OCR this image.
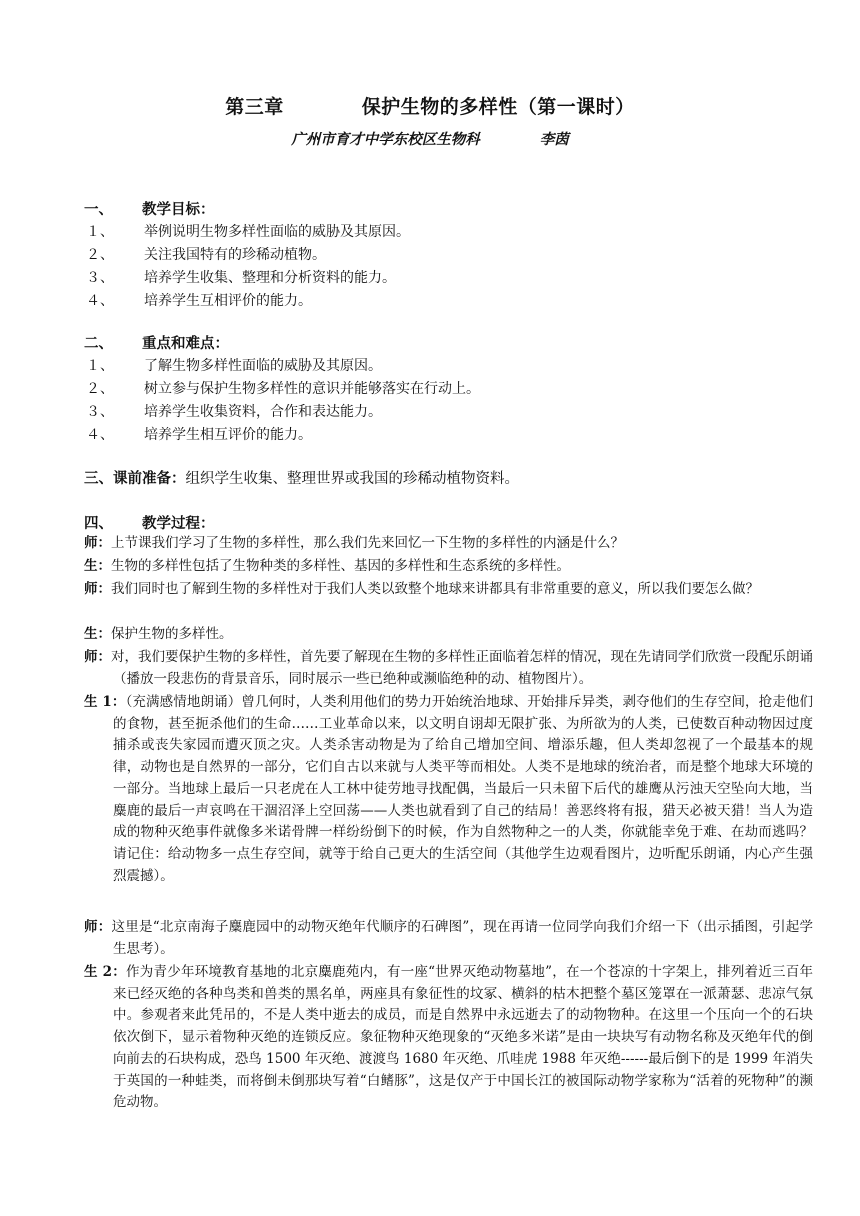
第三章	保护生物的多样性（第一课时）
广州市育才中学东校区生物科	李茵
一、 教学目标：
１、 举例说明生物多样性面临的威胁及其原因。
２、 关注我国特有的珍稀动植物。
３、 培养学生收集、整理和分析资料的能力。
４、 培养学生互相评价的能力。
二、 重点和难点：
１、 了解生物多样性面临的威胁及其原因。
２、 树立参与保护生物多样性的意识并能够落实在行动上。
３、 培养学生收集资料，合作和表达能力。
４、 培养学生相互评价的能力。
三、课前准备：组织学生收集、整理世界或我国的珍稀动植物资料。
四、 教学过程：
师：上节课我们学习了生物的多样性，那么我们先来回忆一下生物的多样性的内涵是什么？
生：生物的多样性包括了生物种类的多样性、基因的多样性和生态系统的多样性。
师：我们同时也了解到生物的多样性对于我们人类以致整个地球来讲都具有非常重要的意义，所以我们要怎么做？
生：保护生物的多样性。
师：对，我们要保护生物的多样性，首先要了解现在生物的多样性正面临着怎样的情况，现在先请同学们欣赏一段配乐朗诵（播放一段悲伤的背景音乐，同时展示一些已绝种或濒临绝种的动、植物图片）。
生 1：（充满感情地朗诵）曾几何时，人类利用他们的势力开始统治地球、开始排斥异类，剥夺他们的生存空间，抢走他们的食物，甚至扼杀他们的生命……工业革命以来，以文明自诩却无限扩张、为所欲为的人类，已使数百种动物因过度捕杀或丧失家园而遭灭顶之灾。人类杀害动物是为了给自己增加空间、增添乐趣，但人类却忽视了一个最基本的规律，动物也是自然界的一部分，它们自古以来就与人类平等而相处。人类不是地球的统治者，而是整个地球大环境的一部分。当地球上最后一只老虎在人工林中徒劳地寻找配偶，当最后一只未留下后代的雄鹰从污浊天空坠向大地，当麋鹿的最后一声哀鸣在干涸沼泽上空回荡——人类也就看到了自己的结局！善恶终将有报，猎天必被天猎！当人为造成的物种灭绝事件就像多米诺骨牌一样纷纷倒下的时候，作为自然物种之一的人类，你就能幸免于难、在劫而逃吗？请记住：给动物多一点生存空间，就等于给自己更大的生活空间（其他学生边观看图片，边听配乐朗诵，内心产生强烈震撼）。
师：这里是“北京南海子麋鹿园中的动物灭绝年代顺序的石碑图”，现在再请一位同学向我们介绍一下（出示插图，引起学生思考）。
生 2：作为青少年环境教育基地的北京麋鹿苑内，有一座“世界灭绝动物墓地”，在一个苍凉的十字架上，排列着近三百年来已经灭绝的各种鸟类和兽类的黑名单，两座具有象征性的坟冢、横斜的枯木把整个墓区笼罩在一派萧瑟、悲凉气氛中。参观者来此凭吊的，不是人类中逝去的成员，而是自然界中永远逝去了的动物物种。在这里一个压向一个的石块依次倒下，显示着物种灭绝的连锁反应。象征物种灭绝现象的“灭绝多米诺”是由一块块写有动物名称及灭绝年代的倒向前去的石块构成，恐鸟 1500 年灭绝、渡渡鸟 1680 年灭绝、爪哇虎 1988 年灭绝------最后倒下的是 1999 年消失于英国的一种蛙类，而将倒未倒那块写着“白鳍豚”，这是仅产于中国长江的被国际动物学家称为“活着的死物种”的濒危动物。
